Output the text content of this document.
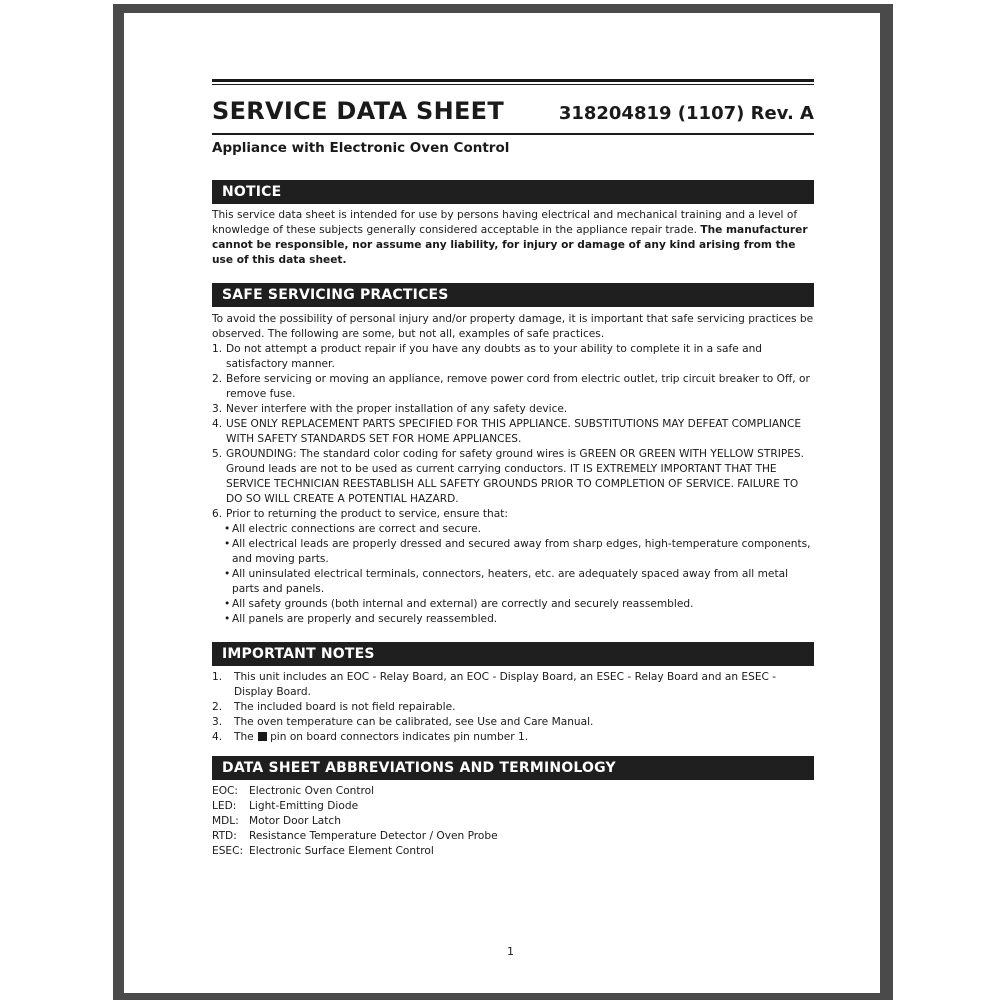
SERVICE DATA SHEET	318204819 (1107) Rev. A
Appliance with Electronic Oven Control
NOTICE
This service data sheet is intended for use by persons having electrical and mechanical training and a level of knowledge of these subjects generally considered acceptable in the appliance repair trade. The manufacturer cannot be responsible, nor assume any liability, for injury or damage of any kind arising from the use of this data sheet.
SAFE SERVICING PRACTICES
To avoid the possibility of personal injury and/or property damage, it is important that safe servicing practices be observed. The following are some, but not all, examples of safe practices.
1. Do not attempt a product repair if you have any doubts as to your ability to complete it in a safe and satisfactory manner.
2. Before servicing or moving an appliance, remove power cord from electric outlet, trip circuit breaker to Off, or remove fuse.
3. Never interfere with the proper installation of any safety device.
4. USE ONLY REPLACEMENT PARTS SPECIFIED FOR THIS APPLIANCE. SUBSTITUTIONS MAY DEFEAT COMPLIANCE WITH SAFETY STANDARDS SET FOR HOME APPLIANCES.
5. GROUNDING: The standard color coding for safety ground wires is GREEN OR GREEN WITH YELLOW STRIPES. Ground leads are not to be used as current carrying conductors. IT IS EXTREMELY IMPORTANT THAT THE SERVICE TECHNICIAN REESTABLISH ALL SAFETY GROUNDS PRIOR TO COMPLETION OF SERVICE. FAILURE TO DO SO WILL CREATE A POTENTIAL HAZARD.
6. Prior to returning the product to service, ensure that:
• All electric connections are correct and secure.
• All electrical leads are properly dressed and secured away from sharp edges, high-temperature components, and moving parts.
• All uninsulated electrical terminals, connectors, heaters, etc. are adequately spaced away from all metal parts and panels.
• All safety grounds (both internal and external) are correctly and securely reassembled.
• All panels are properly and securely reassembled.
IMPORTANT NOTES
1. This unit includes an EOC - Relay Board, an EOC - Display Board, an ESEC - Relay Board and an ESEC - Display Board.
2. The included board is not field repairable.
3. The oven temperature can be calibrated, see Use and Care Manual.
4. The pin on board connectors indicates pin number 1.
DATA SHEET ABBREVIATIONS AND TERMINOLOGY
EOC: Electronic Oven Control
LED: Light-Emitting Diode
MDL: Motor Door Latch
RTD: Resistance Temperature Detector / Oven Probe
ESEC: Electronic Surface Element Control
1
